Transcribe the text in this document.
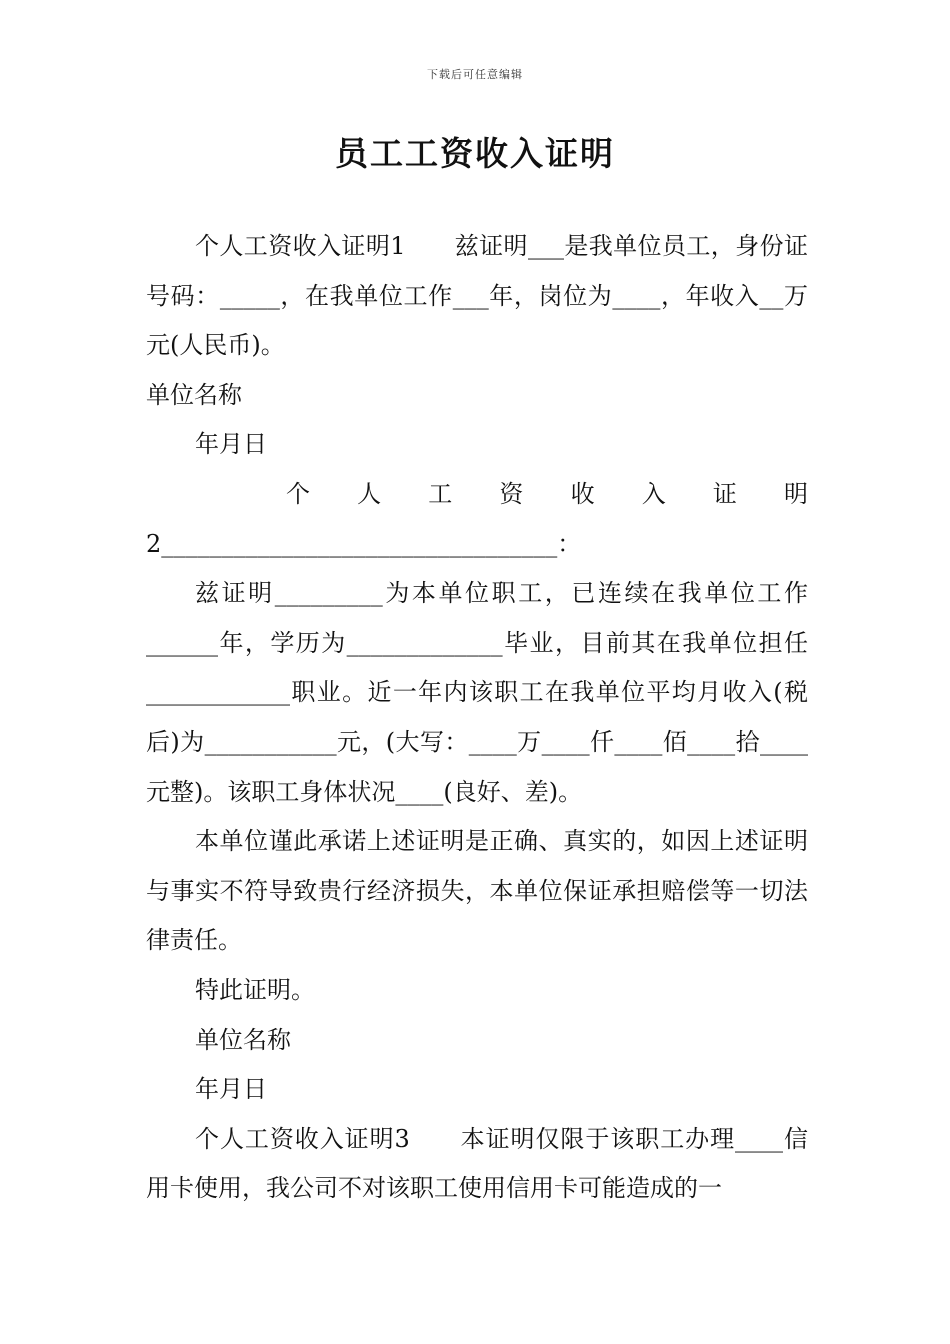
下载后可任意编辑
员工工资收入证明

个人工资收入证明1　　兹证明___是我单位员工，身份证号码：_____，在我单位工作___年，岗位为____，年收入__万元(人民币)。

单位名称

年月日

个　人　工　资　收　入　证　明

2_________________________________：

兹证明_________为本单位职工，已连续在我单位工作______年，学历为_____________毕业，目前其在我单位担任____________职业。近一年内该职工在我单位平均月收入(税后)为___________元，(大写：____万____仟____佰____拾____元整)。该职工身体状况____(良好、差)。

本单位谨此承诺上述证明是正确、真实的，如因上述证明与事实不符导致贵行经济损失，本单位保证承担赔偿等一切法律责任。

特此证明。

单位名称

年月日

个人工资收入证明3　　本证明仅限于该职工办理____信用卡使用，我公司不对该职工使用信用卡可能造成的一
